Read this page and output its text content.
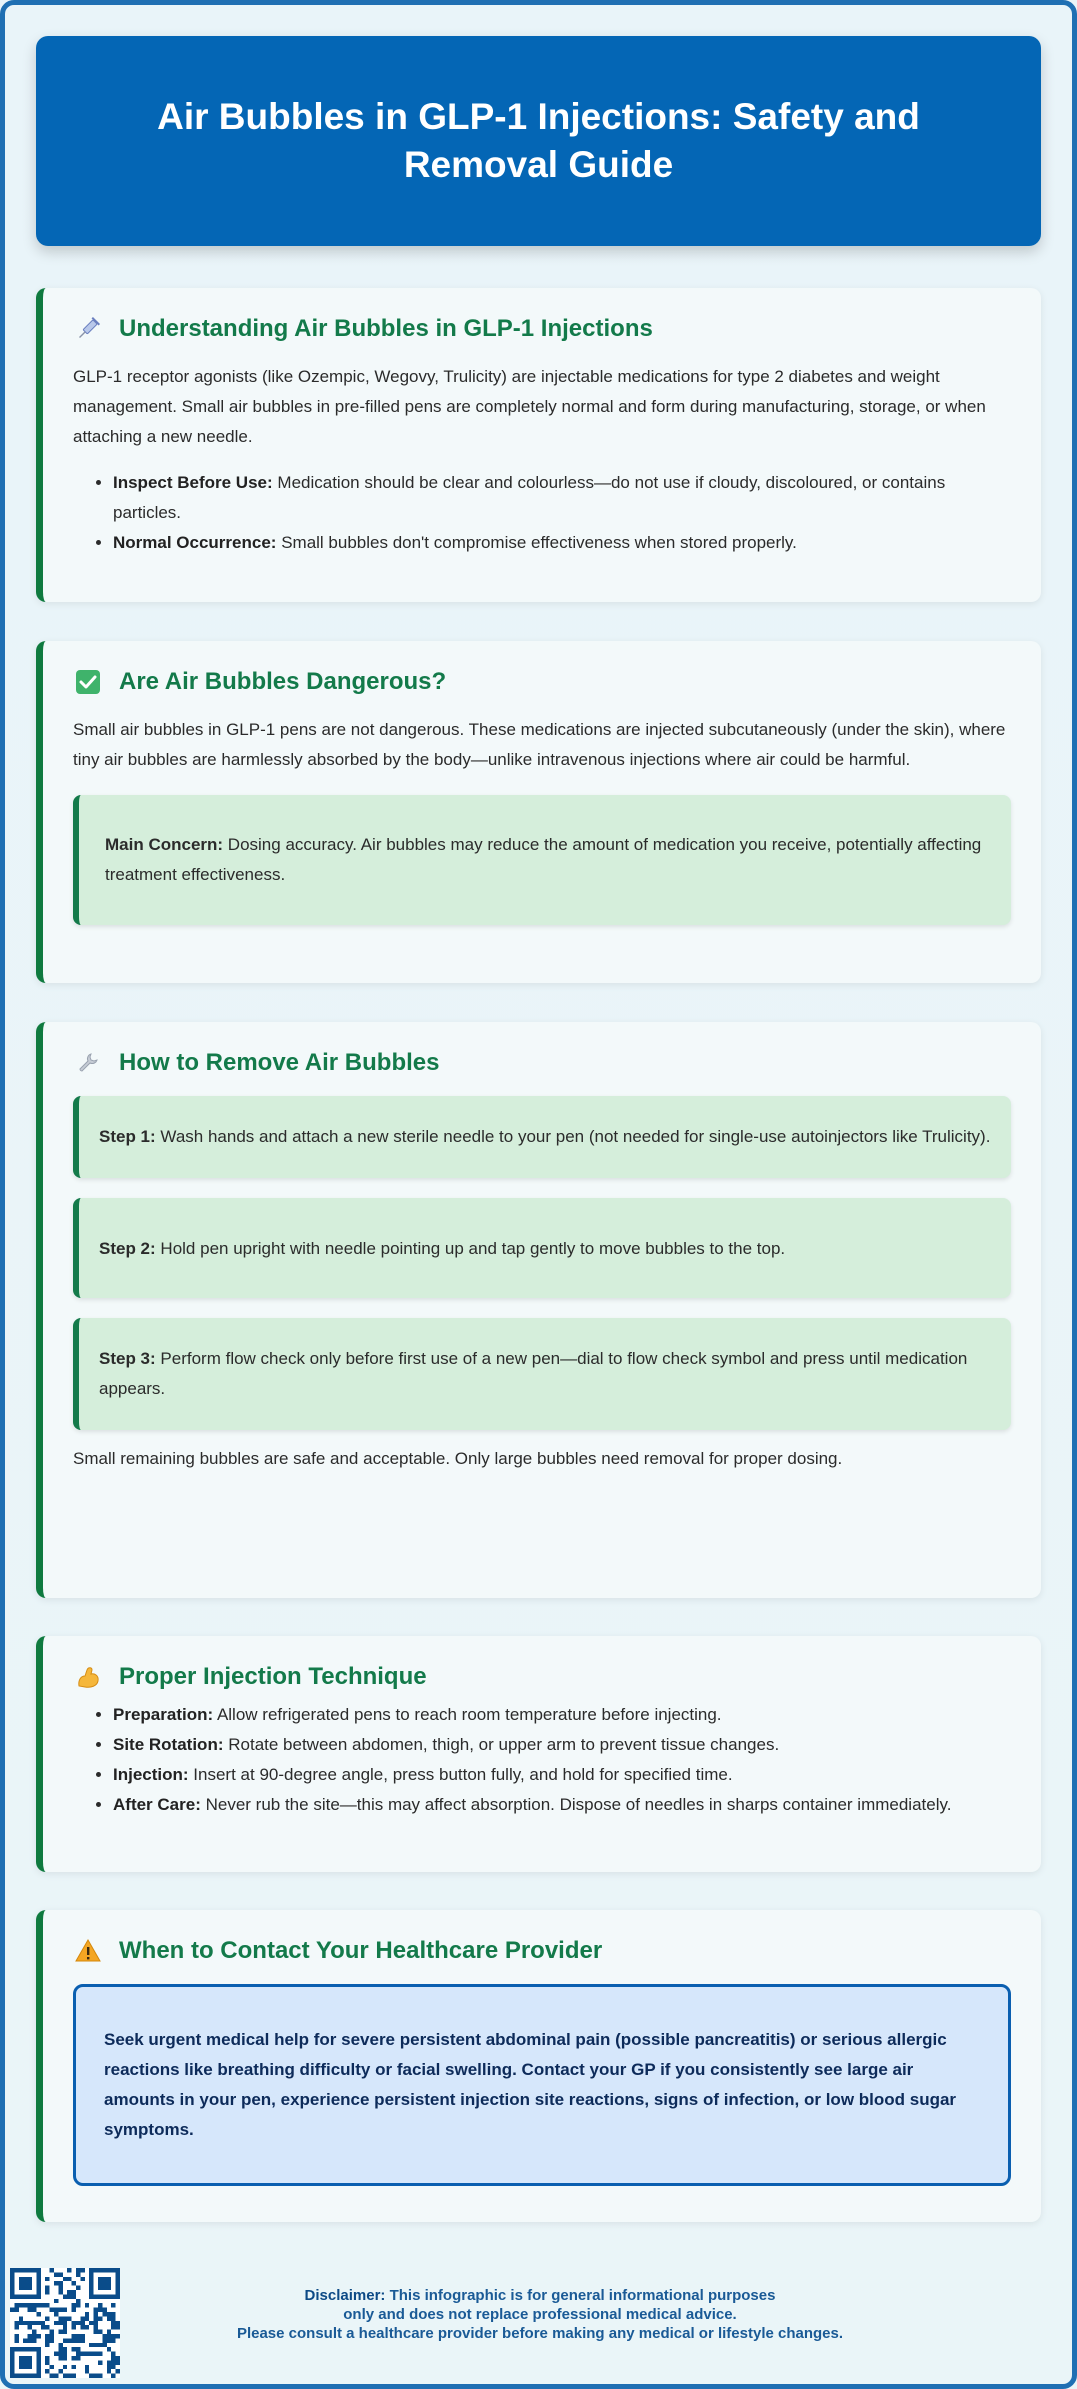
Air Bubbles in GLP-1 Injections: Safety and Removal Guide
Understanding Air Bubbles in GLP-1 Injections

GLP-1 receptor agonists (like Ozempic, Wegovy, Trulicity) are injectable medications for type 2 diabetes and weight management. Small air bubbles in pre-filled pens are completely normal and form during manufacturing, storage, or when attaching a new needle.

• Inspect Before Use: Medication should be clear and colourless—do not use if cloudy, discoloured, or contains particles.
• Normal Occurrence: Small bubbles don't compromise effectiveness when stored properly.
Are Air Bubbles Dangerous?

Small air bubbles in GLP-1 pens are not dangerous. These medications are injected subcutaneously (under the skin), where tiny air bubbles are harmlessly absorbed by the body—unlike intravenous injections where air could be harmful.

Main Concern: Dosing accuracy. Air bubbles may reduce the amount of medication you receive, potentially affecting treatment effectiveness.
How to Remove Air Bubbles
Step 1: Wash hands and attach a new sterile needle to your pen (not needed for single-use autoinjectors like Trulicity).
Step 2: Hold pen upright with needle pointing up and tap gently to move bubbles to the top.
Step 3: Perform flow check only before first use of a new pen—dial to flow check symbol and press until medication appears.

Small remaining bubbles are safe and acceptable. Only large bubbles need removal for proper dosing.

Proper Injection Technique
• Preparation: Allow refrigerated pens to reach room temperature before injecting.
• Site Rotation: Rotate between abdomen, thigh, or upper arm to prevent tissue changes.
• Injection: Insert at 90-degree angle, press button fully, and hold for specified time.
• After Care: Never rub the site—this may affect absorption. Dispose of needles in sharps container immediately.
When to Contact Your Healthcare Provider
Seek urgent medical help for severe persistent abdominal pain (possible pancreatitis) or serious allergic reactions like breathing difficulty or facial swelling. Contact your GP if you consistently see large air amounts in your pen, experience persistent injection site reactions, signs of infection, or low blood sugar symptoms.
Disclaimer: This infographic is for general informational purposes
only and does not replace professional medical advice.
Please consult a healthcare provider before making any medical or lifestyle changes.
